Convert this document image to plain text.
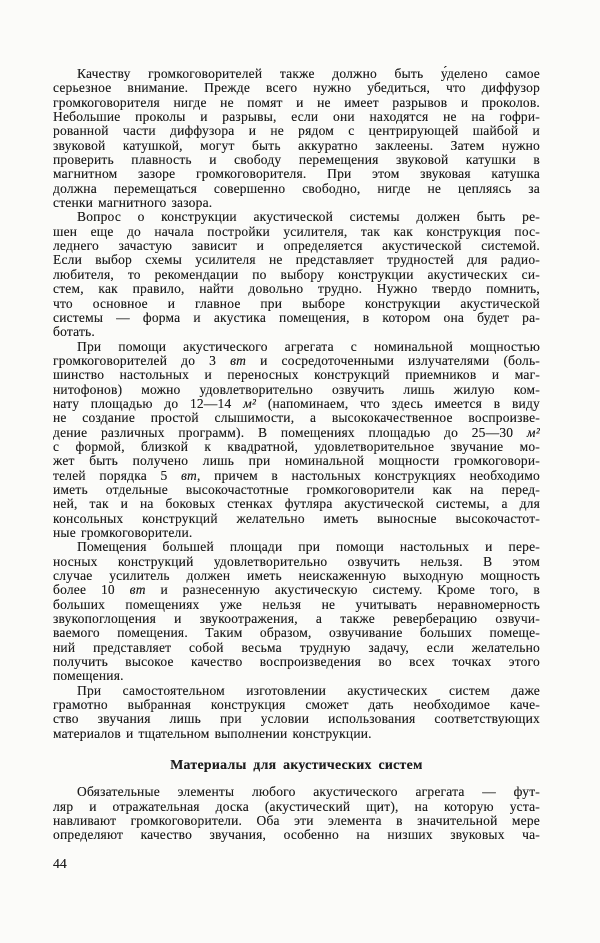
Качеству громкоговорителей также должно быть у́делено самое
серьезное внимание. Прежде всего нужно убедиться, что диффузор
громкоговорителя нигде не помят и не имеет разрывов и проколов.
Небольшие проколы и разрывы, если они находятся не на гофри-
рованной части диффузора и не рядом с центрирующей шайбой и
звуковой катушкой, могут быть аккуратно заклеены. Затем нужно
проверить плавность и свободу перемещения звуковой катушки в
магнитном зазоре громкоговорителя. При этом звуковая катушка
должна перемещаться совершенно свободно, нигде не цепляясь за
стенки магнитного зазора.
Вопрос о конструкции акустической системы должен быть ре-
шен еще до начала постройки усилителя, так как конструкция пос-
леднего зачастую зависит и определяется акустической системой.
Если выбор схемы усилителя не представляет трудностей для радио-
любителя, то рекомендации по выбору конструкции акустических си-
стем, как правило, найти довольно трудно. Нужно твердо помнить,
что основное и главное при выборе конструкции акустической
системы — форма и акустика помещения, в котором она будет ра-
ботать.
При помощи акустического агрегата с номинальной мощностью
громкоговорителей до 3 вт и сосредоточенными излучателями (боль-
шинство настольных и переносных конструкций приемников и маг-
нитофонов) можно удовлетворительно озвучить лишь жилую ком-
нату площадью до 12—14 м² (напоминаем, что здесь имеется в виду
не создание простой слышимости, а высококачественное воспроизве-
дение различных программ). В помещениях площадью до 25—30 м²
с формой, близкой к квадратной, удовлетворительное звучание мо-
жет быть получено лишь при номинальной мощности громкоговори-
телей порядка 5 вт, причем в настольных конструкциях необходимо
иметь отдельные высокочастотные громкоговорители как на перед-
ней, так и на боковых стенках футляра акустической системы, а для
консольных конструкций желательно иметь выносные высокочастот-
ные громкоговорители.
Помещения большей площади при помощи настольных и пере-
носных конструкций удовлетворительно озвучить нельзя. В этом
случае усилитель должен иметь неискаженную выходную мощность
более 10 вт и разнесенную акустическую систему. Кроме того, в
больших помещениях уже нельзя не учитывать неравномерность
звукопоглощения и звукоотражения, а также реверберацию озвучи-
ваемого помещения. Таким образом, озвучивание больших помеще-
ний представляет собой весьма трудную задачу, если желательно
получить высокое качество воспроизведения во всех точках этого
помещения.
При самостоятельном изготовлении акустических систем даже
грамотно выбранная конструкция сможет дать необходимое каче-
ство звучания лишь при условии использования соответствующих
материалов и тщательном выполнении конструкции.
Материалы для акустических систем
Обязательные элементы любого акустического агрегата — фут-
ляр и отражательная доска (акустический щит), на которую уста-
навливают громкоговорители. Оба эти элемента в значительной мере
определяют качество звучания, особенно на низших звуковых ча-
44
